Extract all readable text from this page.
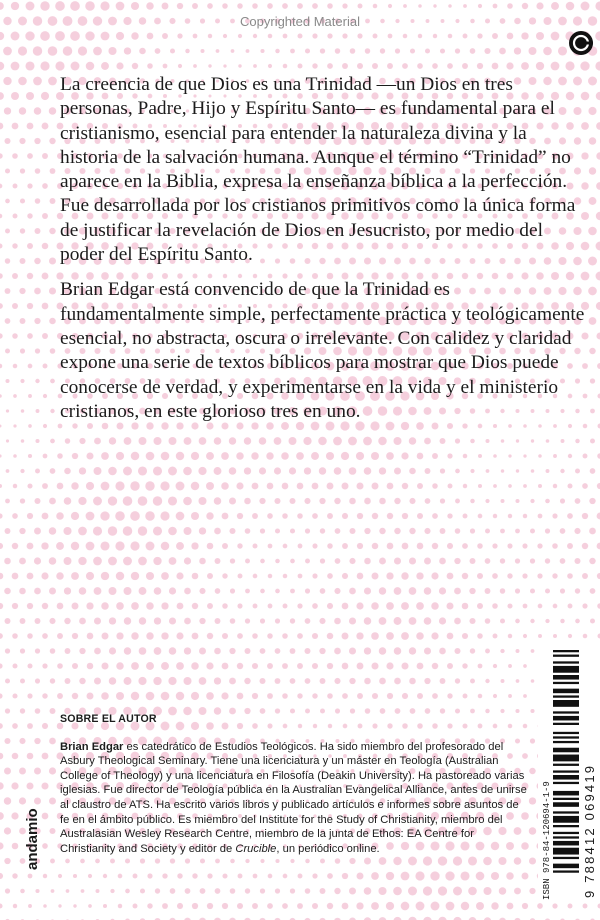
Copyrighted Material

La creencia de que Dios es una Trinidad —un Dios en tres personas, Padre, Hijo y Espíritu Santo— es fundamental para el cristianismo, esencial para entender la naturaleza divina y la historia de la salvación humana. Aunque el término “Trinidad” no aparece en la Biblia, expresa la enseñanza bíblica a la perfección. Fue desarrollada por los cristianos primitivos como la única forma de justificar la revelación de Dios en Jesucristo, por medio del poder del Espíritu Santo.

Brian Edgar está convencido de que la Trinidad es fundamentalmente simple, perfectamente práctica y teológicamente esencial, no abstracta, oscura o irrelevante. Con calidez y claridad expone una serie de textos bíblicos para mostrar que Dios puede conocerse de verdad, y experimentarse en la vida y el ministerio cristianos, en este glorioso tres en uno.

SOBRE EL AUTOR
Brian Edgar es catedrático de Estudios Teológicos. Ha sido miembro del profesorado del Asbury Theological Seminary. Tiene una licenciatura y un máster en Teología (Australian College of Theology) y una licenciatura en Filosofía (Deakin University). Ha pastoreado varias iglesias. Fue director de Teología pública en la Australian Evangelical Alliance, antes de unirse al claustro de ATS. Ha escrito varios libros y publicado artículos e informes sobre asuntos de fe en el ámbito público. Es miembro del Institute for the Study of Christianity, miembro del Australasian Wesley Research Centre, miembro de la junta de Ethos: EA Centre for Christianity and Society y editor de Crucible, un periódico online.
andamio	ISBN 978-84-120694-1-9 9 788412 069419
